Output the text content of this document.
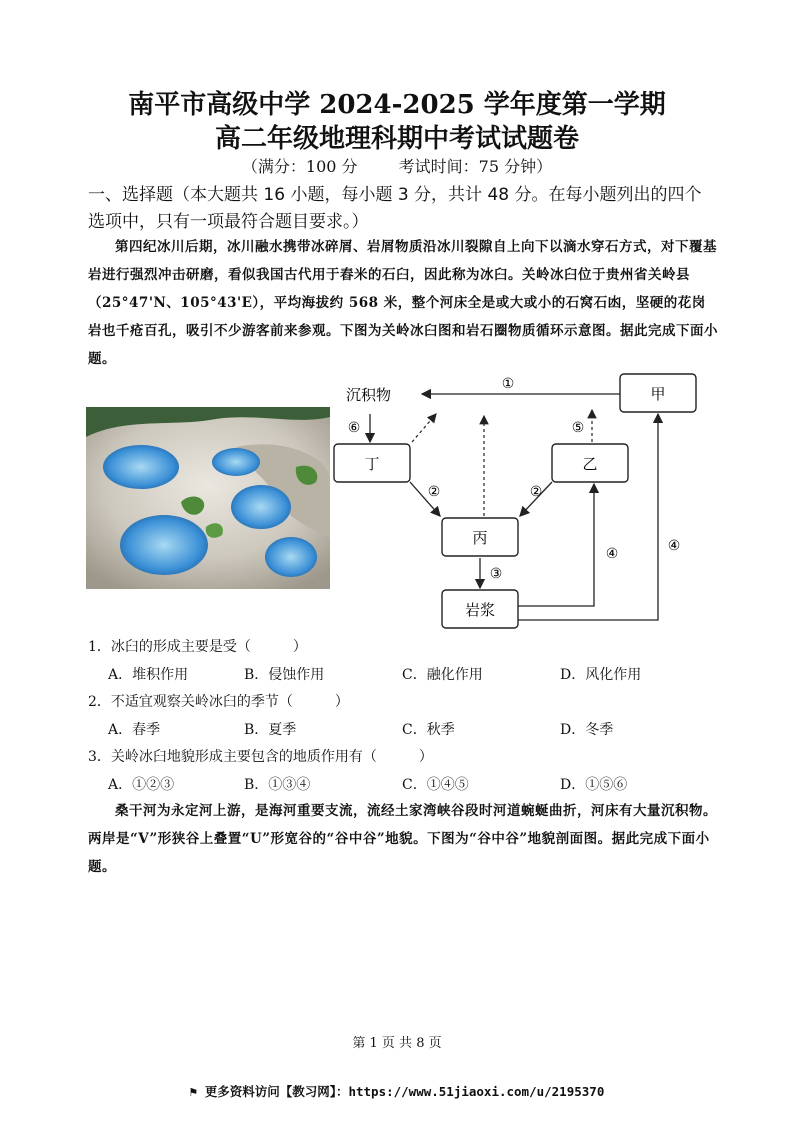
南平市高级中学 2024-2025 学年度第一学期
高二年级地理科期中考试试题卷
（满分：100 分	考试时间：75 分钟）
一、选择题（本大题共 16 小题，每小题 3 分，共计 48 分。在每小题列出的四个选项中，只有一项最符合题目要求。）
第四纪冰川后期，冰川融水携带冰碎屑、岩屑物质沿冰川裂隙自上向下以滴水穿石方式，对下覆基岩进行强烈冲击研磨，看似我国古代用于舂米的石臼，因此称为冰臼。关岭冰臼位于贵州省关岭县（25°47'N、105°43'E），平均海拔约 568 米，整个河床全是或大或小的石窝石凼，坚硬的花岗岩也千疮百孔，吸引不少游客前来参观。下图为关岭冰臼图和岩石圈物质循环示意图。据此完成下面小题。
甲
丁	乙
丙
岩浆
沉积物
①
⑥	⑤
②	②
③
④	④
1．冰臼的形成主要是受（　　　）
A．堆积作用	B．侵蚀作用	C．融化作用	D．风化作用
2．不适宜观察关岭冰臼的季节（　　　）
A．春季	B．夏季	C．秋季	D．冬季
3．关岭冰臼地貌形成主要包含的地质作用有（　　　）
A．①②③	B．①③④	C．①④⑤	D．①⑤⑥
桑干河为永定河上游，是海河重要支流，流经土家湾峡谷段时河道蜿蜒曲折，河床有大量沉积物。两岸是“V”形狭谷上叠置“U”形宽谷的“谷中谷”地貌。下图为“谷中谷”地貌剖面图。据此完成下面小题。
第 1 页 共 8 页
⚑ 更多资料访问【教习网】：https://www.51jiaoxi.com/u/2195370
